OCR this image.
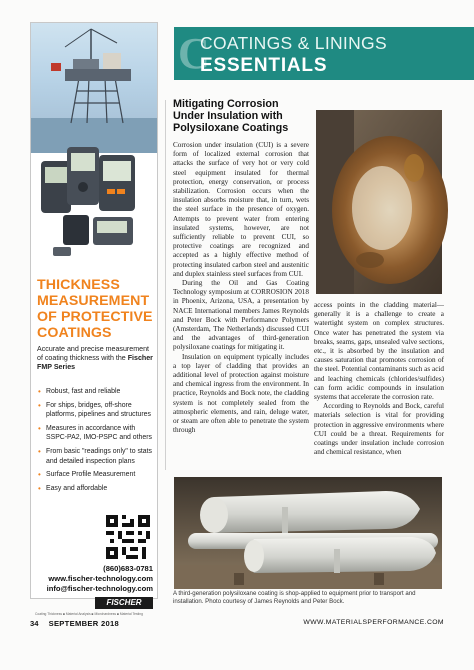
THICKNESS
MEASUREMENT
OF PROTECTIVE
COATINGS
Accurate and precise measurement of coating thickness with the Fischer FMP Series
• Robust, fast and reliable
• For ships, bridges, off-shore platforms, pipelines and structures
• Measures in accordance with SSPC-PA2, IMO-PSPC and others
• From basic "readings only" to stats and detailed inspection plans
• Surface Profile Measurement
• Easy and affordable
(860)683-0781
www.fischer-technology.com
info@fischer-technology.com
FISCHER
Coating Thickness ■ Material Analysis ■ Microhardness ■ Material Testing
C
COATINGS & LININGS
ESSENTIALS
Mitigating Corrosion Under Insulation with Polysiloxane Coatings

Corrosion under insulation (CUI) is a severe form of localized external corrosion that attacks the surface of very hot or very cold steel equipment insulated for thermal protection, energy conservation, or process stabilization. Corrosion occurs when the insulation absorbs moisture that, in turn, wets the steel surface in the presence of oxygen. Attempts to prevent water from entering insulated systems, however, are not sufficiently reliable to prevent CUI, so protective coatings are recognized and accepted as a highly effective method of protecting insulated carbon steel and austenitic and duplex stainless steel surfaces from CUI.

During the Oil and Gas Coating Technology symposium at CORROSION 2018 in Phoenix, Arizona, USA, a presentation by NACE International members James Reynolds and Peter Bock with Performance Polymers (Amsterdam, The Netherlands) discussed CUI and the advantages of third-generation polysiloxane coatings for mitigating it.

Insulation on equipment typically includes a top layer of cladding that provides an additional level of protection against moisture and chemical ingress from the environment. In practice, Reynolds and Bock note, the cladding system is not completely sealed from the atmospheric elements, and rain, deluge water, or steam are often able to penetrate the system through

access points in the cladding material—generally it is a challenge to create a watertight system on complex structures. Once water has penetrated the system via breaks, seams, gaps, unsealed valve sections, etc., it is absorbed by the insulation and causes saturation that promotes corrosion of the steel. Potential contaminants such as acid and leaching chemicals (chlorides/sulfides) can form acidic compounds in insulation systems that accelerate the corrosion rate.

According to Reynolds and Bock, careful materials selection is vital for providing protection in aggressive environments where CUI could be a threat. Requirements for coatings under insulation include corrosion and chemical resistance, when

A third-generation polysiloxane coating is shop-applied to equipment prior to transport and installation. Photo courtesy of James Reynolds and Peter Bock.
34 SEPTEMBER 2018	WWW.MATERIALSPERFORMANCE.COM
